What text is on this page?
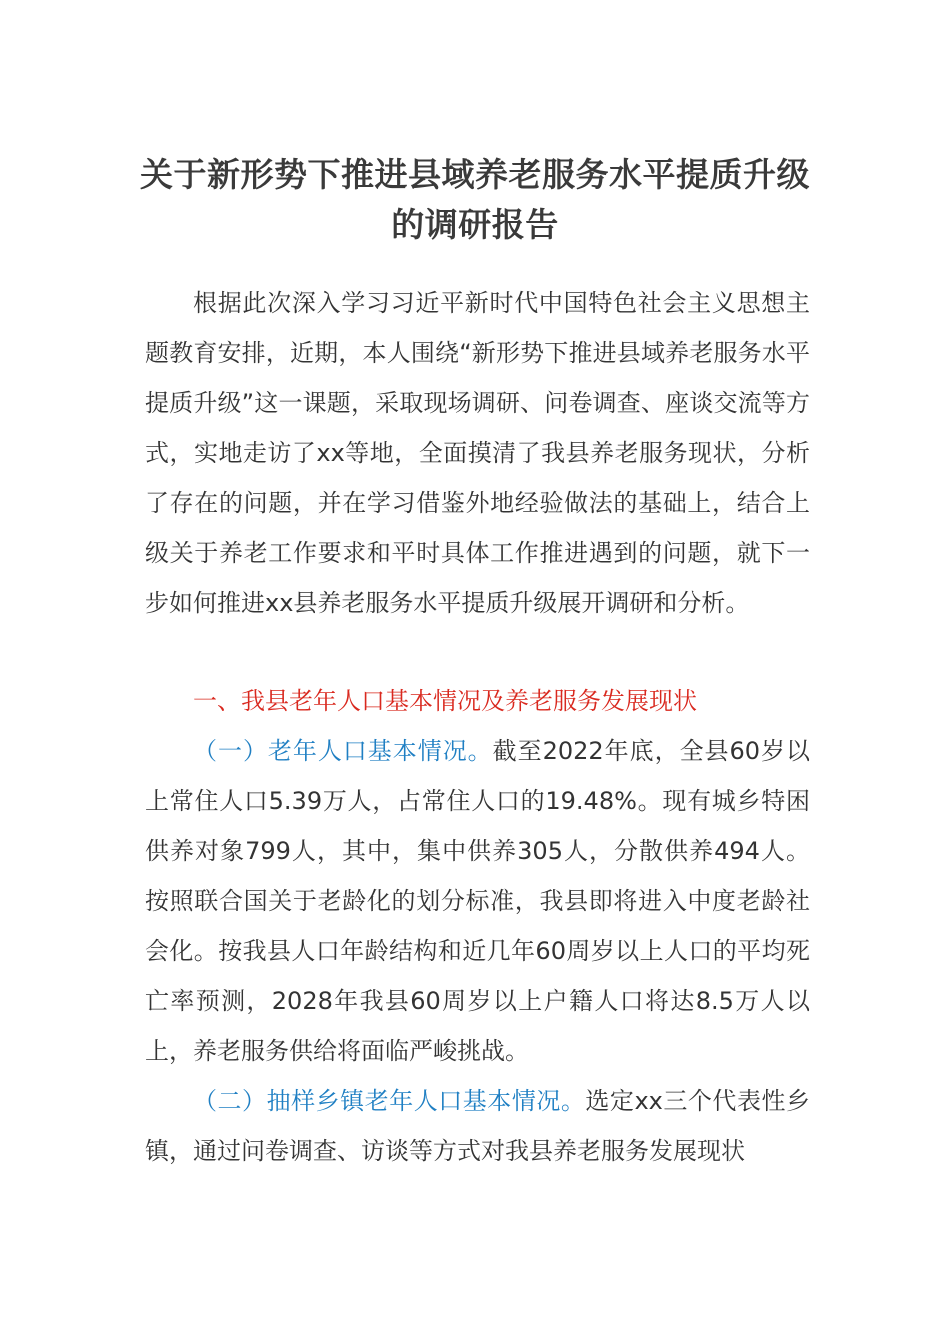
关于新形势下推进县域养老服务水平提质升级的调研报告

根据此次深入学习习近平新时代中国特色社会主义思想主题教育安排，近期，本人围绕“新形势下推进县域养老服务水平提质升级”这一课题，采取现场调研、问卷调查、座谈交流等方式，实地走访了xx等地，全面摸清了我县养老服务现状，分析了存在的问题，并在学习借鉴外地经验做法的基础上，结合上级关于养老工作要求和平时具体工作推进遇到的问题，就下一步如何推进xx县养老服务水平提质升级展开调研和分析。

一、我县老年人口基本情况及养老服务发展现状

（一）老年人口基本情况。截至2022年底，全县60岁以上常住人口5.39万人，占常住人口的19.48%。现有城乡特困供养对象799人，其中，集中供养305人，分散供养494人。按照联合国关于老龄化的划分标准，我县即将进入中度老龄社会化。按我县人口年龄结构和近几年60周岁以上人口的平均死亡率预测，2028年我县60周岁以上户籍人口将达8.5万人以上，养老服务供给将面临严峻挑战。

（二）抽样乡镇老年人口基本情况。选定xx三个代表性乡镇，通过问卷调查、访谈等方式对我县养老服务发展现状
